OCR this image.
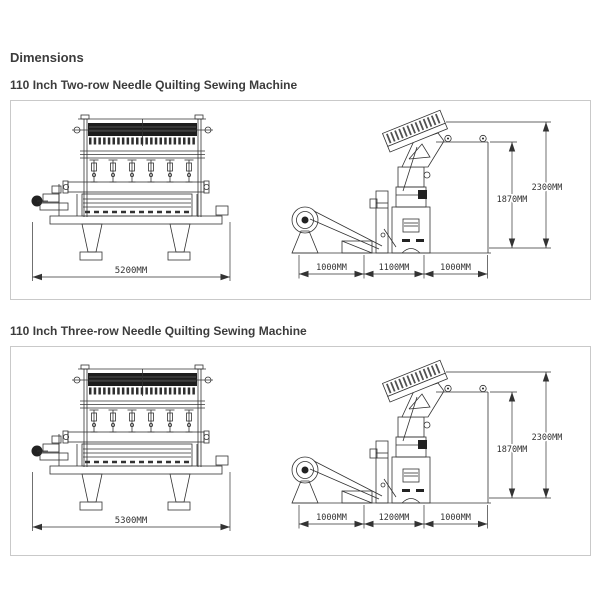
Dimensions
110 Inch Two-row Needle Quilting Sewing Machine
5200MM	1000MM	1100MM	1000MM
1870MM
2300MM
110 Inch Three-row Needle Quilting Sewing Machine
5300MM	1000MM	1200MM	1000MM
1870MM
2300MM
